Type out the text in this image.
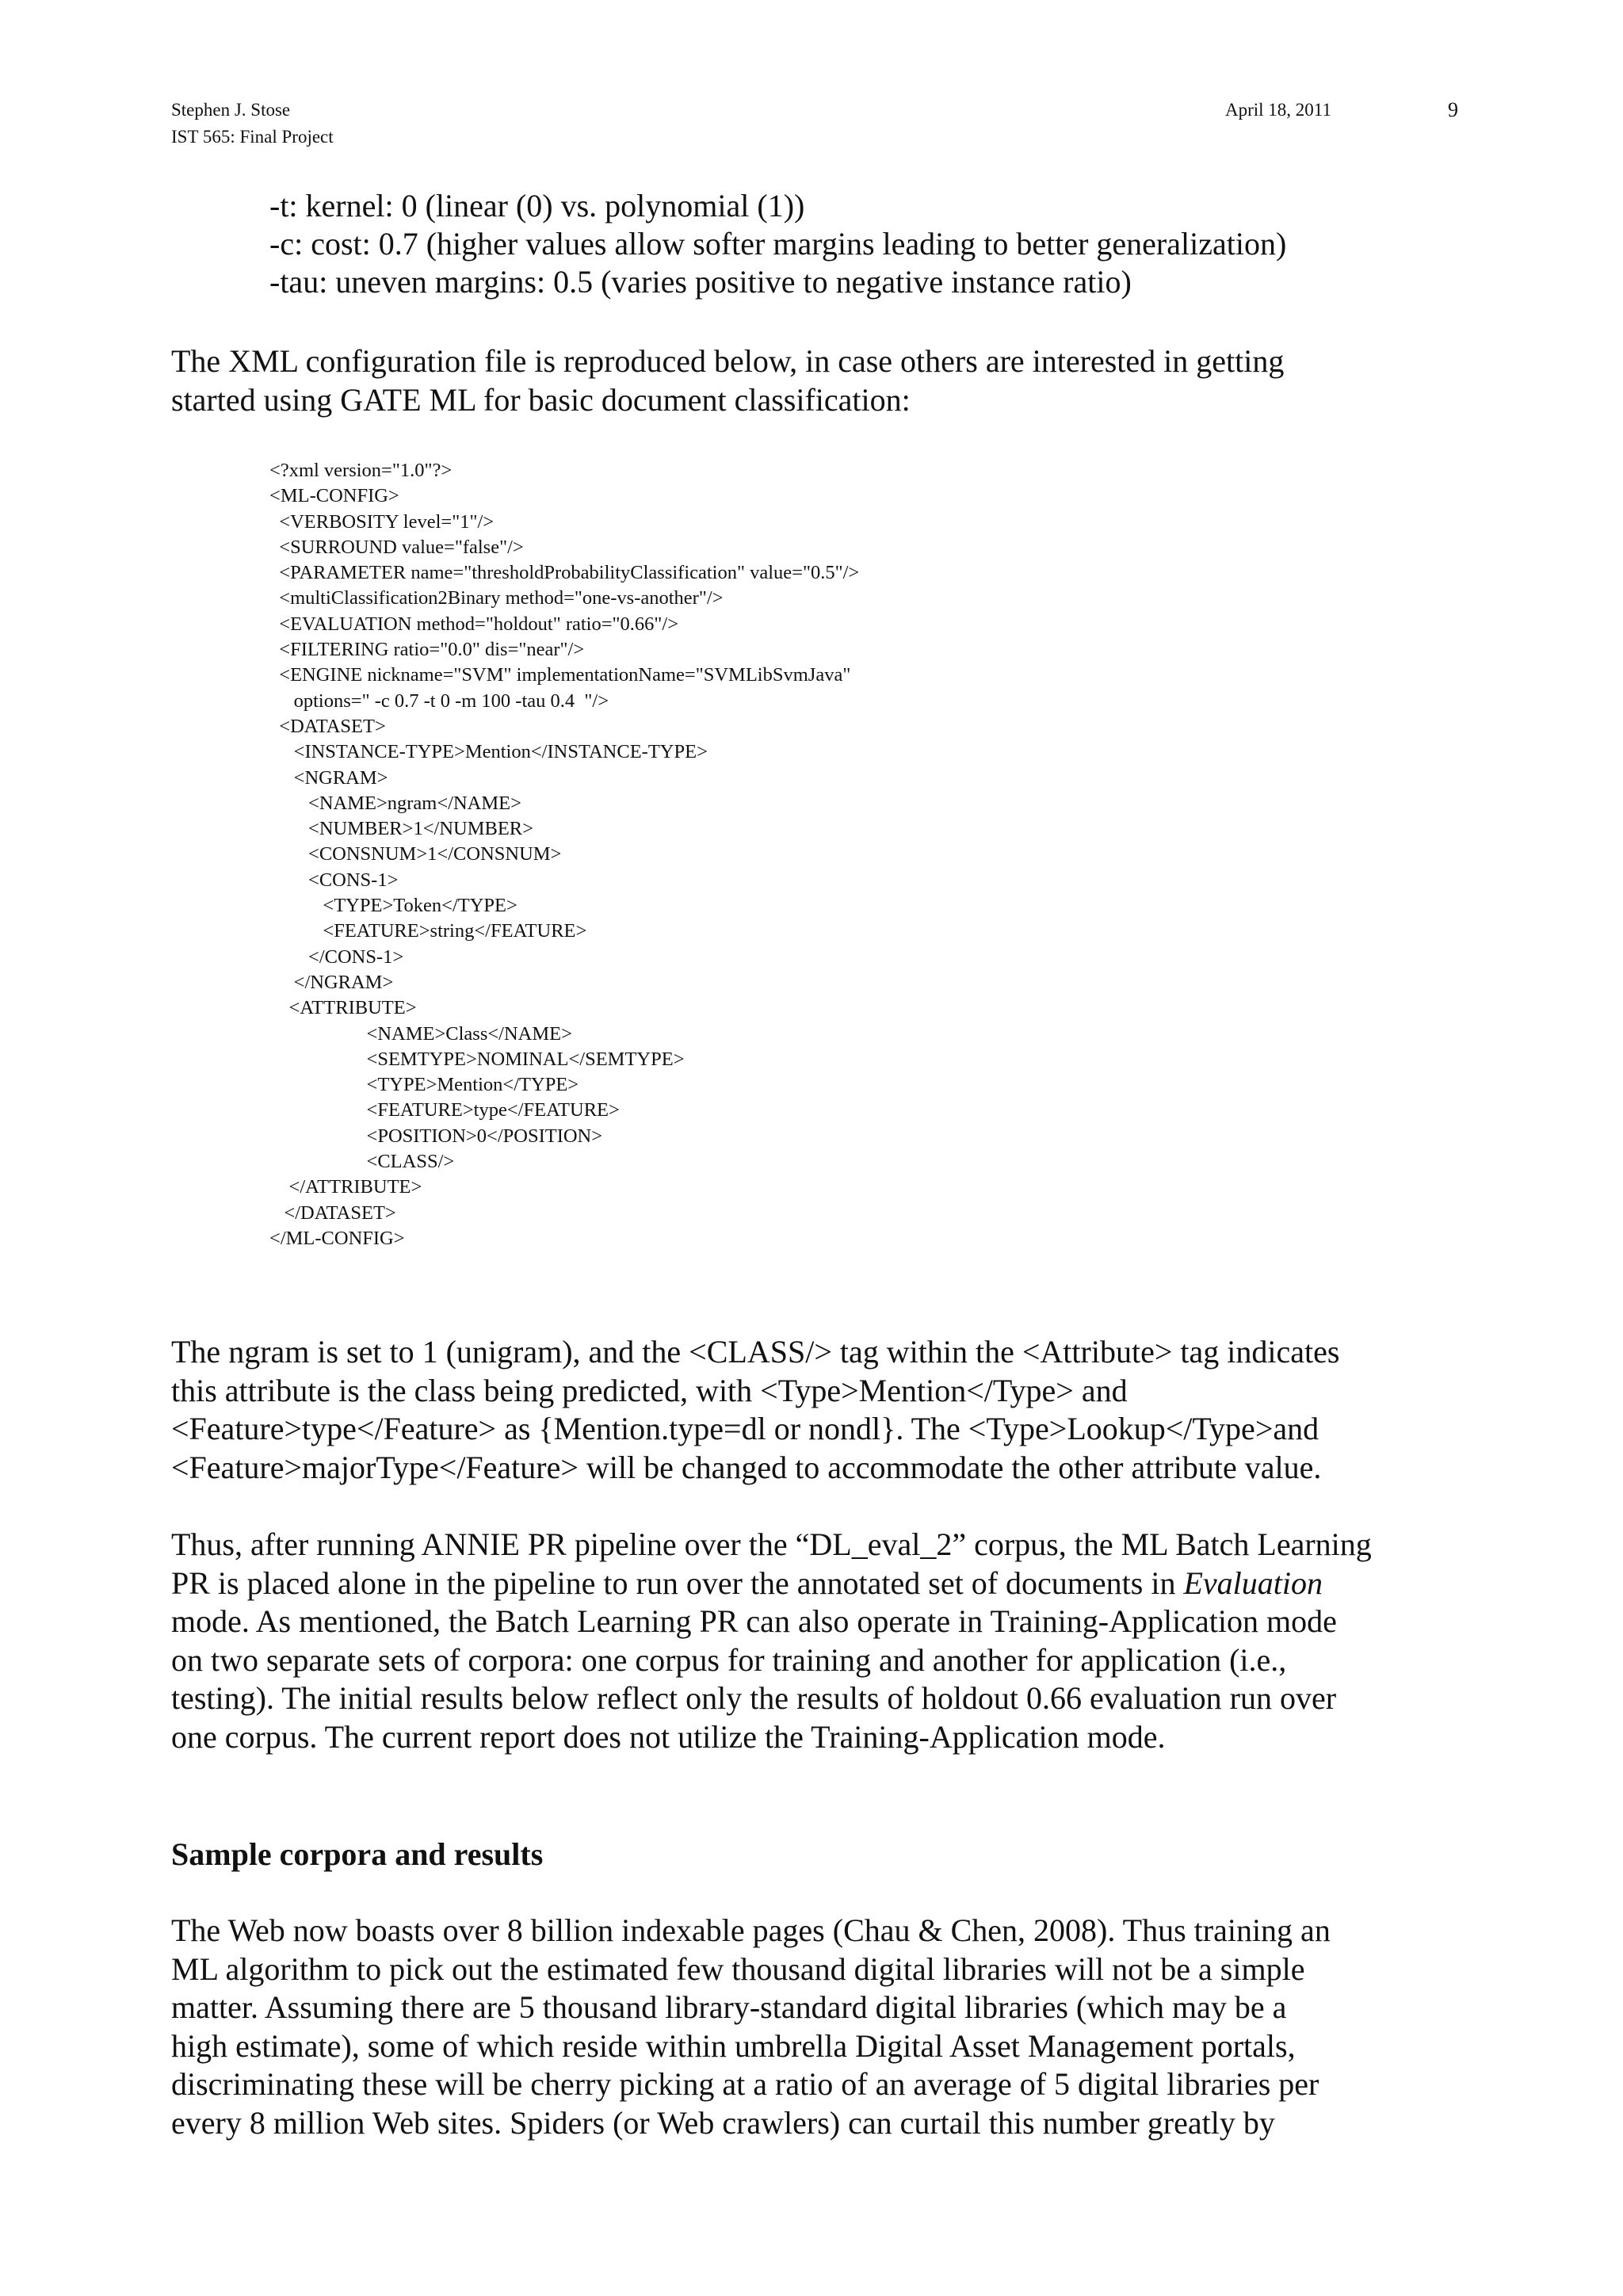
Stephen J. Stose
IST 565: Final Project
April 18, 2011	9
-t: kernel: 0 (linear (0) vs. polynomial (1))
-c: cost: 0.7 (higher values allow softer margins leading to better generalization)
-tau: uneven margins: 0.5 (varies positive to negative instance ratio)
The XML configuration file is reproduced below, in case others are interested in getting
started using GATE ML for basic document classification:
<?xml version="1.0"?>
<ML-CONFIG>
<VERBOSITY level="1"/>
<SURROUND value="false"/>
<PARAMETER name="thresholdProbabilityClassification" value="0.5"/>
<multiClassification2Binary method="one-vs-another"/>
<EVALUATION method="holdout" ratio="0.66"/>
<FILTERING ratio="0.0" dis="near"/>
<ENGINE nickname="SVM" implementationName="SVMLibSvmJava"
options=" -c 0.7 -t 0 -m 100 -tau 0.4  "/>
<DATASET>
<INSTANCE-TYPE>Mention</INSTANCE-TYPE>
<NGRAM>
<NAME>ngram</NAME>
<NUMBER>1</NUMBER>
<CONSNUM>1</CONSNUM>
<CONS-1>
<TYPE>Token</TYPE>
<FEATURE>string</FEATURE>
</CONS-1>
</NGRAM>
<ATTRIBUTE>
<NAME>Class</NAME>
<SEMTYPE>NOMINAL</SEMTYPE>
<TYPE>Mention</TYPE>
<FEATURE>type</FEATURE>
<POSITION>0</POSITION>
<CLASS/>
</ATTRIBUTE>
</DATASET>
</ML-CONFIG>
The ngram is set to 1 (unigram), and the <CLASS/> tag within the <Attribute> tag indicates
this attribute is the class being predicted, with <Type>Mention</Type> and
<Feature>type</Feature> as {Mention.type=dl or nondl}. The <Type>Lookup</Type>and
<Feature>majorType</Feature> will be changed to accommodate the other attribute value.
Thus, after running ANNIE PR pipeline over the “DL_eval_2” corpus, the ML Batch Learning
PR is placed alone in the pipeline to run over the annotated set of documents in Evaluation
mode. As mentioned, the Batch Learning PR can also operate in Training-Application mode
on two separate sets of corpora: one corpus for training and another for application (i.e.,
testing). The initial results below reflect only the results of holdout 0.66 evaluation run over
one corpus. The current report does not utilize the Training-Application mode.
Sample corpora and results
The Web now boasts over 8 billion indexable pages (Chau & Chen, 2008). Thus training an
ML algorithm to pick out the estimated few thousand digital libraries will not be a simple
matter. Assuming there are 5 thousand library-standard digital libraries (which may be a
high estimate), some of which reside within umbrella Digital Asset Management portals,
discriminating these will be cherry picking at a ratio of an average of 5 digital libraries per
every 8 million Web sites. Spiders (or Web crawlers) can curtail this number greatly by
